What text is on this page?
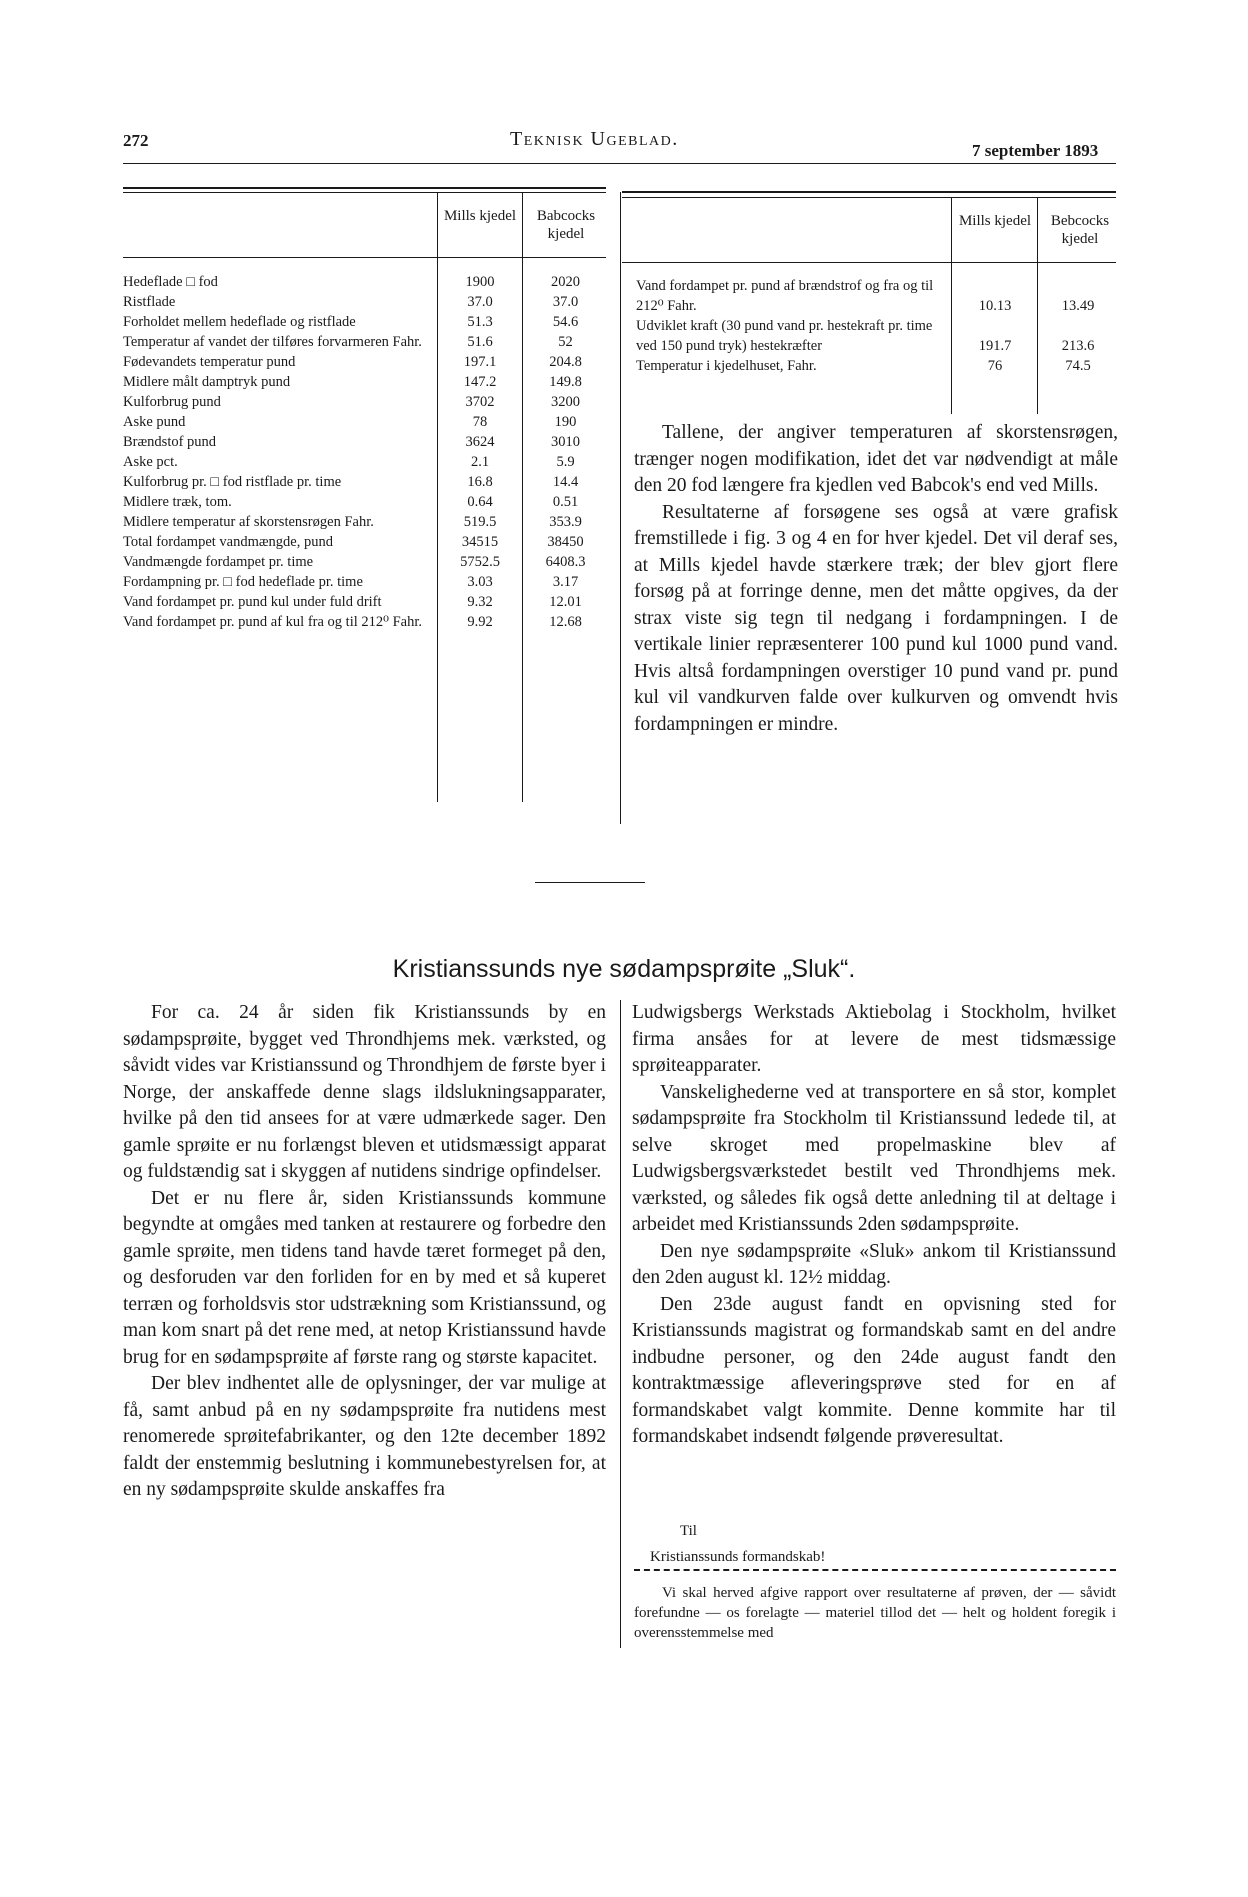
272	Teknisk Ugeblad.
7 september 1893
Mills kjedel	Babcocks kjedel
Hedeflade □ fod	1900	2020
Ristflade	37.0	37.0
Forholdet mellem hedeflade og ristflade	51.3	54.6
Temperatur af vandet der tilføres forvarmeren Fahr.	51.6	52
Fødevandets temperatur pund	197.1	204.8
Midlere målt damptryk pund	147.2	149.8
Kulforbrug pund	3702	3200
Aske pund	78	190
Brændstof pund	3624	3010
Aske pct.	2.1	5.9
Kulforbrug pr. □ fod ristflade pr. time	16.8	14.4
Midlere træk, tom.	0.64	0.51
Midlere temperatur af skorstensrøgen Fahr.	519.5	353.9
Total fordampet vandmængde, pund	34515	38450
Vandmængde fordampet pr. time	5752.5	6408.3
Fordampning pr. □ fod hedeflade pr. time	3.03	3.17
Vand fordampet pr. pund kul under fuld drift	9.32	12.01
Vand fordampet pr. pund af kul fra og til 212⁰ Fahr.	9.92	12.68
Mills kjedel	Bebcocks kjedel
Vand fordampet pr. pund af brændstrof og fra og til 212⁰ Fahr.	10.13	13.49
Udviklet kraft (30 pund vand pr. hestekraft pr. time ved 150 pund tryk) hestekræfter	191.7	213.6
Temperatur i kjedelhuset, Fahr.	76	74.5

Tallene, der angiver temperaturen af skorstensrøgen, trænger nogen modifikation, idet det var nødvendigt at måle den 20 fod længere fra kjedlen ved Babcok's end ved Mills.

Resultaterne af forsøgene ses også at være grafisk fremstillede i fig. 3 og 4 en for hver kjedel. Det vil deraf ses, at Mills kjedel havde stærkere træk; der blev gjort flere forsøg på at forringe denne, men det måtte opgives, da der strax viste sig tegn til nedgang i fordampningen. I de vertikale linier repræsenterer 100 pund kul 1000 pund vand. Hvis altså fordampningen overstiger 10 pund vand pr. pund kul vil vandkurven falde over kulkurven og omvendt hvis fordampningen er mindre.

Kristianssunds nye sødampsprøite „Sluk“.

For ca. 24 år siden fik Kristianssunds by en sødampsprøite, bygget ved Throndhjems mek. værksted, og såvidt vides var Kristianssund og Throndhjem de første byer i Norge, der anskaffede denne slags ildslukningsapparater, hvilke på den tid ansees for at være udmærkede sager. Den gamle sprøite er nu forlængst bleven et utidsmæssigt apparat og fuldstændig sat i skyggen af nutidens sindrige opfindelser.

Det er nu flere år, siden Kristianssunds kommune begyndte at omgåes med tanken at restaurere og forbedre den gamle sprøite, men tidens tand havde tæret formeget på den, og desforuden var den forliden for en by med et så kuperet terræn og forholdsvis stor udstrækning som Kristianssund, og man kom snart på det rene med, at netop Kristianssund havde brug for en sødampsprøite af første rang og største kapacitet.

Der blev indhentet alle de oplysninger, der var mulige at få, samt anbud på en ny sødampsprøite fra nutidens mest renomerede sprøitefabrikanter, og den 12te december 1892 faldt der enstemmig beslutning i kommunebestyrelsen for, at en ny sødampsprøite skulde anskaffes fra

Ludwigsbergs Werkstads Aktiebolag i Stockholm, hvilket firma ansåes for at levere de mest tidsmæssige sprøiteapparater.

Vanskelighederne ved at transportere en så stor, komplet sødampsprøite fra Stockholm til Kristianssund ledede til, at selve skroget med propelmaskine blev af Ludwigsbergsværkstedet bestilt ved Throndhjems mek. værksted, og således fik også dette anledning til at deltage i arbeidet med Kristianssunds 2den sødampsprøite.

Den nye sødampsprøite «Sluk» ankom til Kristianssund den 2den august kl. 12½ middag.

Den 23de august fandt en opvisning sted for Kristianssunds magistrat og formandskab samt en del andre indbudne personer, og den 24de august fandt den kontraktmæssige afleveringsprøve sted for en af formandskabet valgt kommite. Denne kommite har til formandskabet indsendt følgende prøveresultat.

Til
Kristianssunds formandskab!
Vi skal herved afgive rapport over resultaterne af prøven, der — såvidt forefundne — os forelagte — materiel tillod det — helt og holdent foregik i overensstemmelse med
